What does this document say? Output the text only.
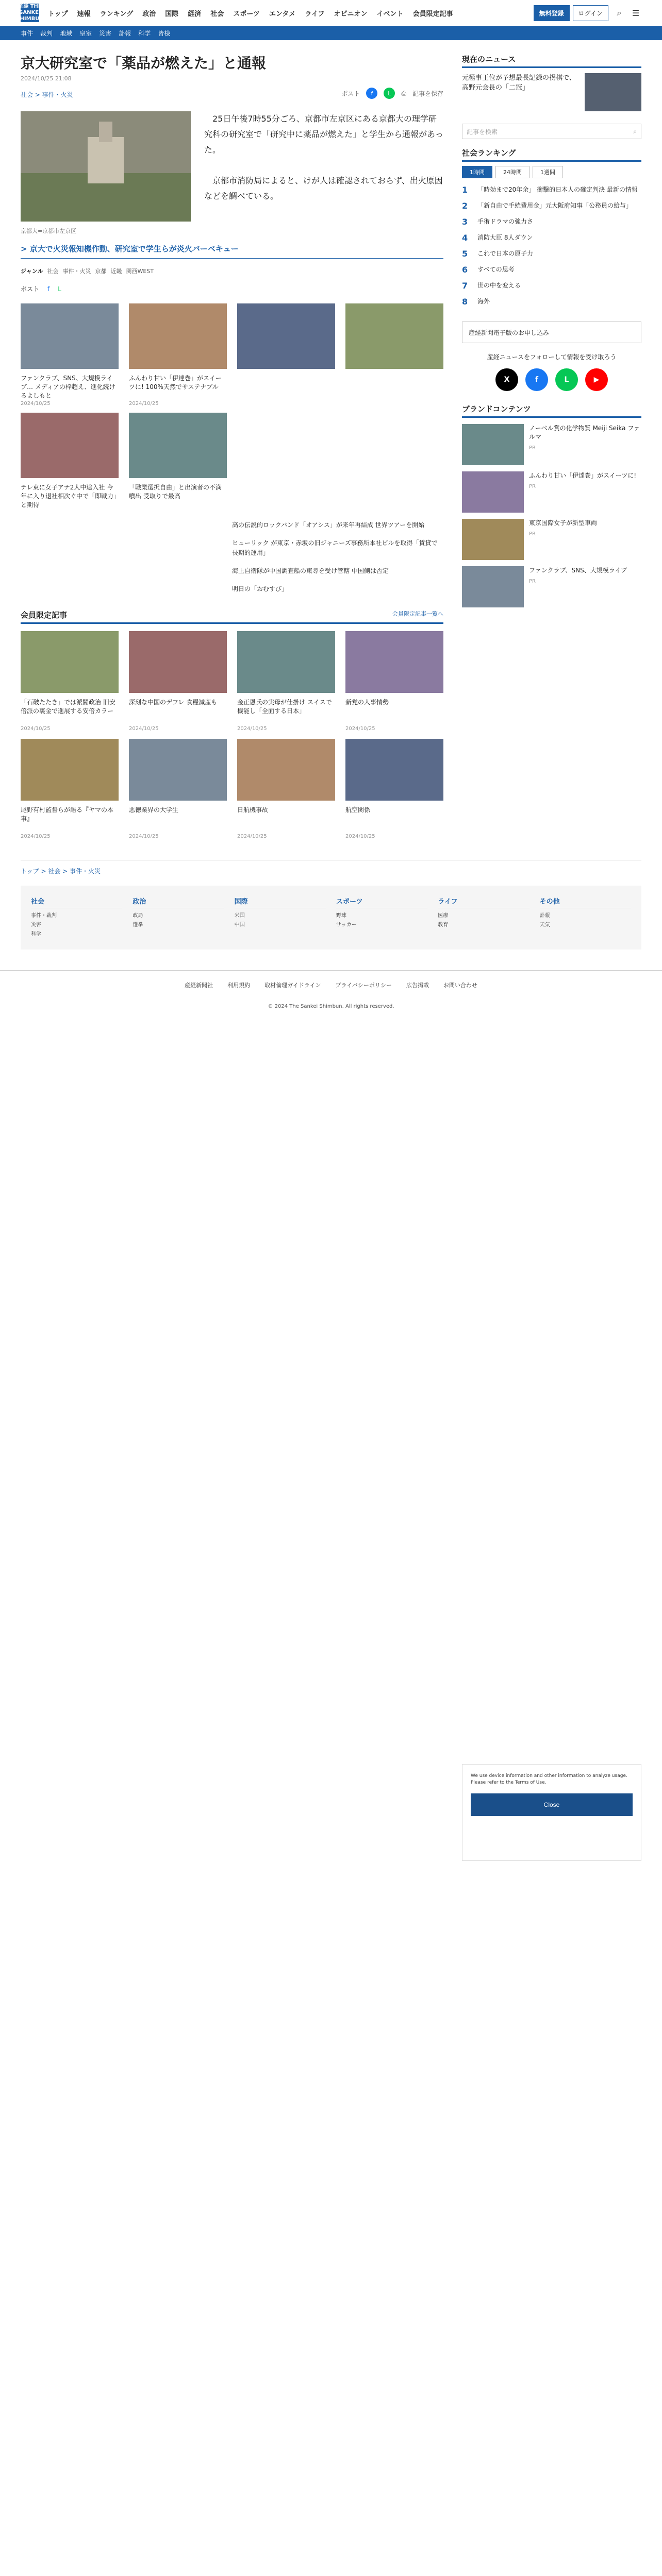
産経 THE SANKEI SHIMBUN
トップ	速報	ランキング	政治	国際	経済	社会	スポーツ	エンタメ	ライフ	オピニオン	イベント	会員限定記事	無料登録	ログイン	⌕	☰
事件 裁判 地域 皇室 災害 訃報 科学 皆様
京大研究室で「薬品が燃えた」と通報
2024/10/25 21:08
社会 > 事件・火災	ポスト	f	L	⎙ 記事を保存
京都大=京都市左京区

25日午後7時55分ごろ、京都市左京区にある京都大の理学研究科の研究室で「研究中に薬品が燃えた」と学生から通報があった。

京都市消防局によると、けが人は確認されておらず、出火原因などを調べている。

> 京大で火災報知機作動、研究室で学生らが炎火バーベキュー
ジャンル 社会 事件・火災 京都 近畿 関西WEST
ポスト f L
ファンクラブ、SNS、大規模ライブ… メディアの枠超え、進化続けるよしもと
2024/10/25
ふんわり甘い「伊達巻」がスイーツに! 100%天然でサステナブル
2024/10/25
テレ東に女子アナ2人中途入社 今年に入り退社相次ぐ中で「即戦力」と期待
「職業選択自由」と出演者の不満噴出 受取りで最高
高の伝説的ロックバンド「オアシス」が来年再結成 世界ツアーを開始
ヒューリック が東京・赤坂の旧ジャニーズ事務所本社ビルを取得「賃貸で長期的運用」
海上自衛隊が中国調査船の東尋を受け管轄 中国側は否定
明日の「おむすび」
会員限定記事	会員限定記事一覧へ
「石破たたき」では派閥政治 旧安倍派の裏金で進展する安倍カラー
2024/10/25
深刻な中国のデフレ 食糧減産も
2024/10/25
金正恩氏の実母が仕掛け スイスで機能し「全面する日本」
2024/10/25
新党の人事情勢
2024/10/25
尾野有村監督らが語る『ヤマの本事』
2024/10/25
悪徳業界の大学生
2024/10/25
日航機事故
2024/10/25
航空関係
2024/10/25
現在のニュース
元極事王位が予想最長記録の拐棋で、高野元会長の「二冠」
記事を検索	⌕
社会ランキング
1時間	24時間	1週間
1	「時効まで20年余」 衝撃的日本人の確定判決 最新の情報
2	「新自由で手続費用金」元大阪府知事「公務員の給与」
3	手術ドラマの強力さ
4	消防大臣 8人ダウン
5	これで日本の原子力
6	すべての思考
7	世の中を変える
8	海外
産経新聞電子版のお申し込み
産経ニュースをフォローして情報を受け取ろう
X	f	L	▶
ブランドコンテンツ
ノーベル賞の化学物質 Meiji Seika ファルマ
PR
ふんわり甘い「伊達巻」がスイーツに!
PR
東京国際女子が新型車両
PR
ファンクラブ、SNS、大規模ライブ
PR
トップ > 社会 > 事件・火災
社会
事件・裁判
災害
科学
政治
政局
選挙
国際
米国
中国
スポーツ
野球
サッカー
ライフ
医療
教育
その他
訃報
天気
産経新聞社	利用規約	取材倫理ガイドライン	プライバシーポリシー	広告掲載	お問い合わせ
© 2024 The Sankei Shimbun. All rights reserved.
We use device information and other information to analyze usage. Please refer to the Terms of Use.
Close
